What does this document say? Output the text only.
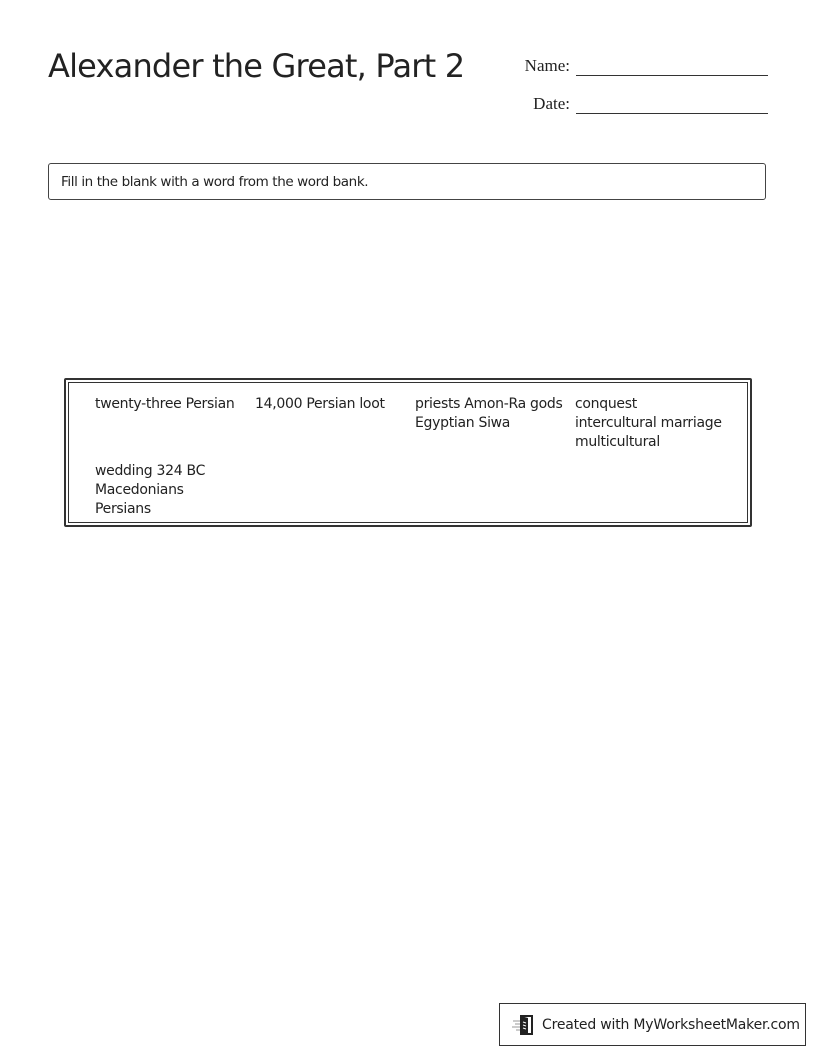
Alexander the Great, Part 2	Name:
Date:
Fill in the blank with a word from the word bank.
twenty-three Persian 14,000 Persian loot priests Amon-Ra gods
Egyptian Siwa
conquest
intercultural marriage
multicultural
wedding 324 BC
Macedonians
Persians
Created with MyWorksheetMaker.com
